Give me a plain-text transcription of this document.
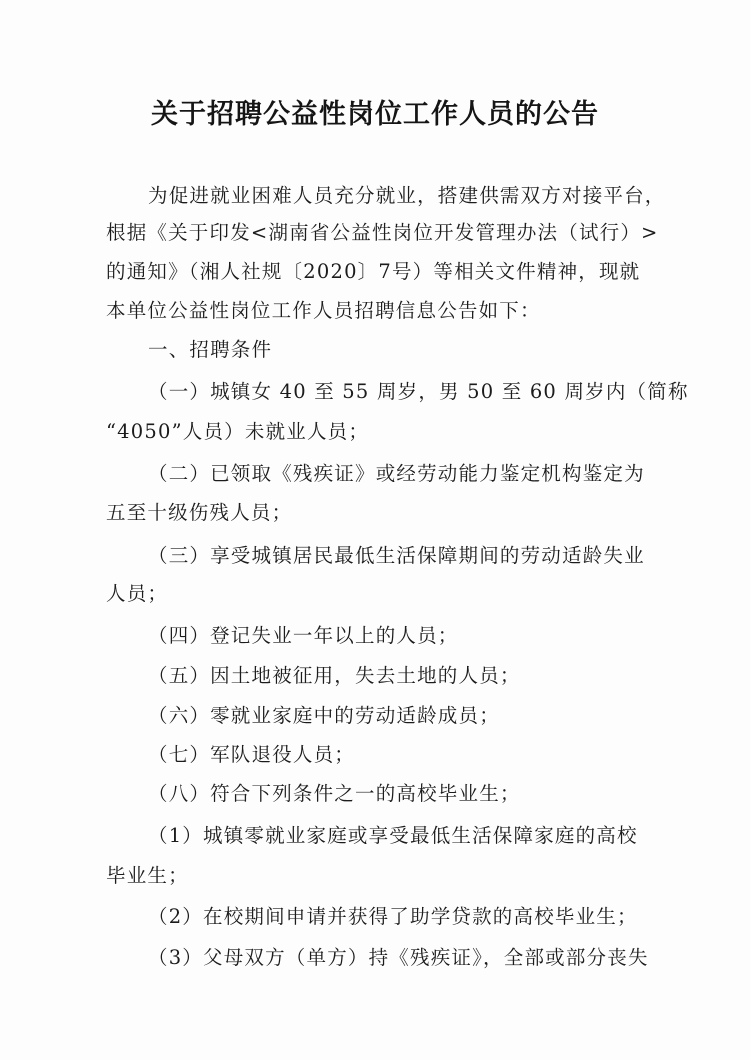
关于招聘公益性岗位工作人员的公告
为促进就业困难人员充分就业，搭建供需双方对接平台，
根据《关于印发<湖南省公益性岗位开发管理办法（试行）>
的通知》（湘人社规〔2020〕7号）等相关文件精神，现就
本单位公益性岗位工作人员招聘信息公告如下：
一、招聘条件
（一）城镇女 40 至 55 周岁，男 50 至 60 周岁内（简称
“4050”人员）未就业人员；
（二）已领取《残疾证》或经劳动能力鉴定机构鉴定为
五至十级伤残人员；
（三）享受城镇居民最低生活保障期间的劳动适龄失业
人员；
（四）登记失业一年以上的人员；
（五）因土地被征用，失去土地的人员；
（六）零就业家庭中的劳动适龄成员；
（七）军队退役人员；
（八）符合下列条件之一的高校毕业生；
（1）城镇零就业家庭或享受最低生活保障家庭的高校
毕业生；
（2）在校期间申请并获得了助学贷款的高校毕业生；
（3）父母双方（单方）持《残疾证》，全部或部分丧失
